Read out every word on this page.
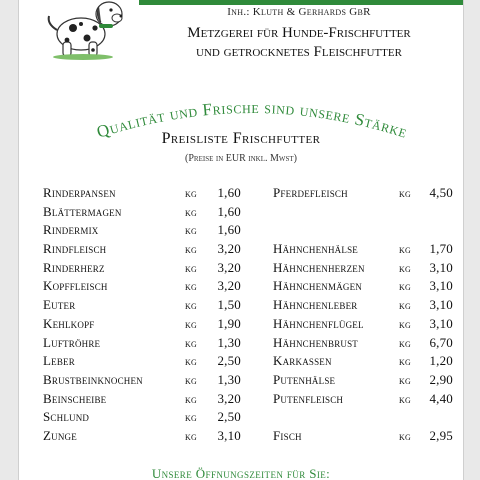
Inh.: Kluth & Gerhards GbR
Metzgerei für Hunde-Frischfutter
und getrocknetes Fleischfutter
Qualität und Frische sind unsere Stärke
Preisliste Frischfutter
(Preise in EUR inkl. Mwst)
Rinderpansen	kg	1,60
Blättermagen	kg	1,60
Rindermix	kg	1,60
Rindfleisch	kg	3,20
Rinderherz	kg	3,20
Kopffleisch	kg	3,20
Euter	kg	1,50
Kehlkopf	kg	1,90
Luftröhre	kg	1,30
Leber	kg	2,50
Brustbeinknochen	kg	1,30
Beinscheibe	kg	3,20
Schlund	kg	2,50
Zunge	kg	3,10
Pferdefleisch	kg	4,50
Hähnchenhälse	kg	1,70
Hähnchenherzen	kg	3,10
Hähnchenmägen	kg	3,10
Hähnchenleber	kg	3,10
Hähnchenflügel	kg	3,10
Hähnchenbrust	kg	6,70
Karkassen	kg	1,20
Putenhälse	kg	2,90
Putenfleisch	kg	4,40
Fisch	kg	2,95
Unsere Öffnungszeiten für Sie:
